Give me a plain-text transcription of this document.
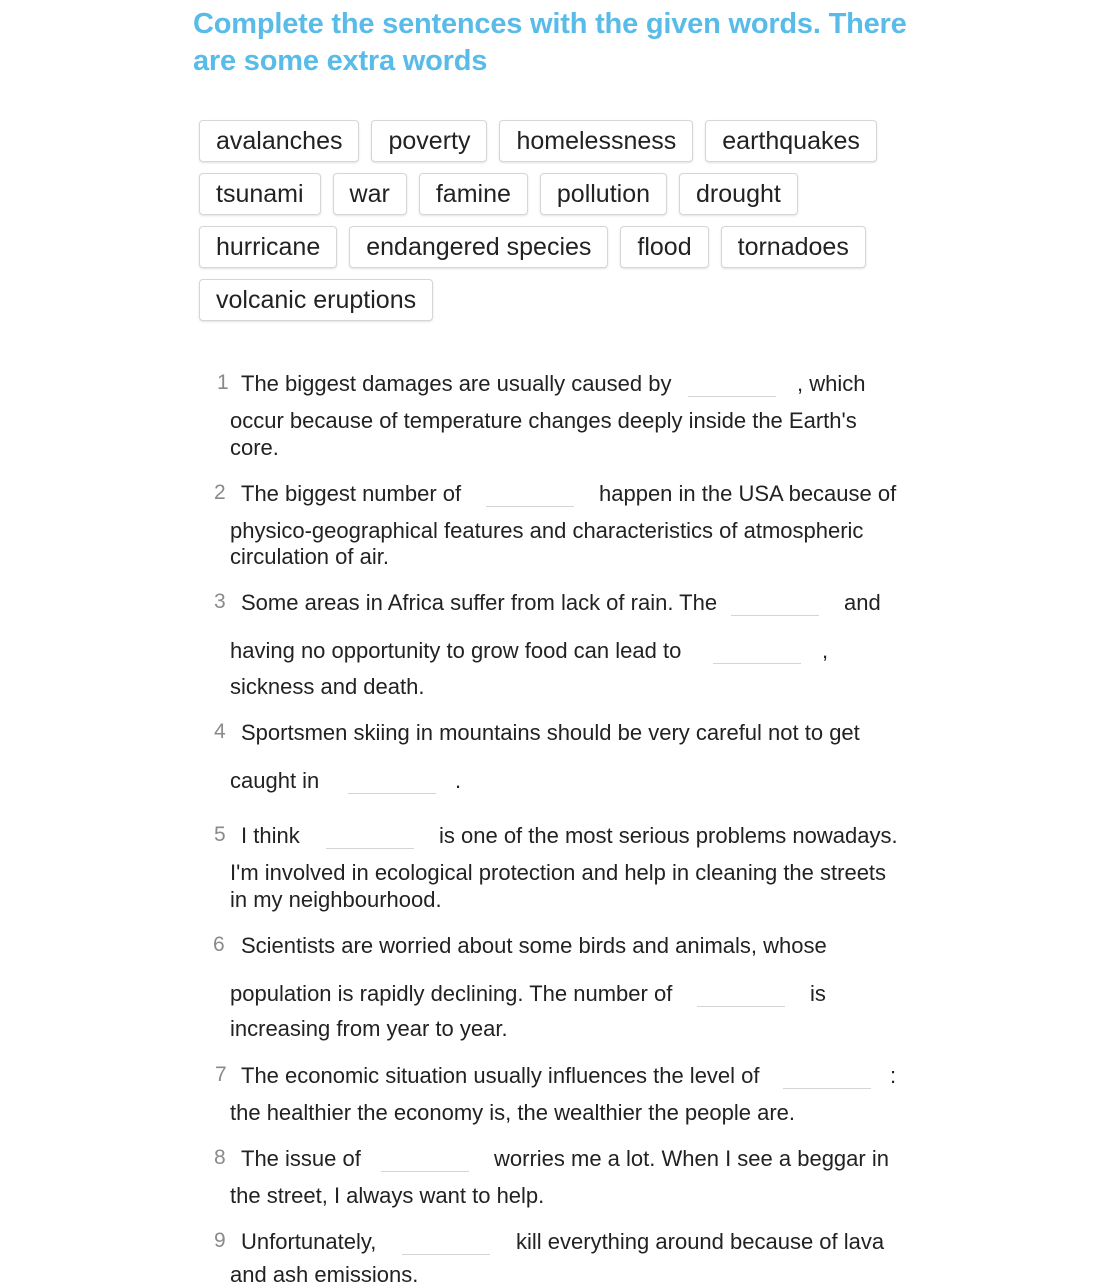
Complete the sentences with the given words. There are some extra words
avalanches	poverty	homelessness	earthquakes
tsunami	war	famine	pollution	drought
hurricane	endangered species	flood	tornadoes
volcanic eruptions
1 The biggest damages are usually caused by	, which
occur because of temperature changes deeply inside the Earth's
core.
2 The biggest number of	happen in the USA because of
physico-geographical features and characteristics of atmospheric
circulation of air.
3 Some areas in Africa suffer from lack of rain. The	and
having no opportunity to grow food can lead to	,
sickness and death.
4 Sportsmen skiing in mountains should be very careful not to get
caught in	.
5 I think	is one of the most serious problems nowadays.
I'm involved in ecological protection and help in cleaning the streets
in my neighbourhood.
6 Scientists are worried about some birds and animals, whose
population is rapidly declining. The number of	is
increasing from year to year.
7 The economic situation usually influences the level of	:
the healthier the economy is, the wealthier the people are.
8 The issue of	worries me a lot. When I see a beggar in
the street, I always want to help.
9 Unfortunately,	kill everything around because of lava
and ash emissions.
